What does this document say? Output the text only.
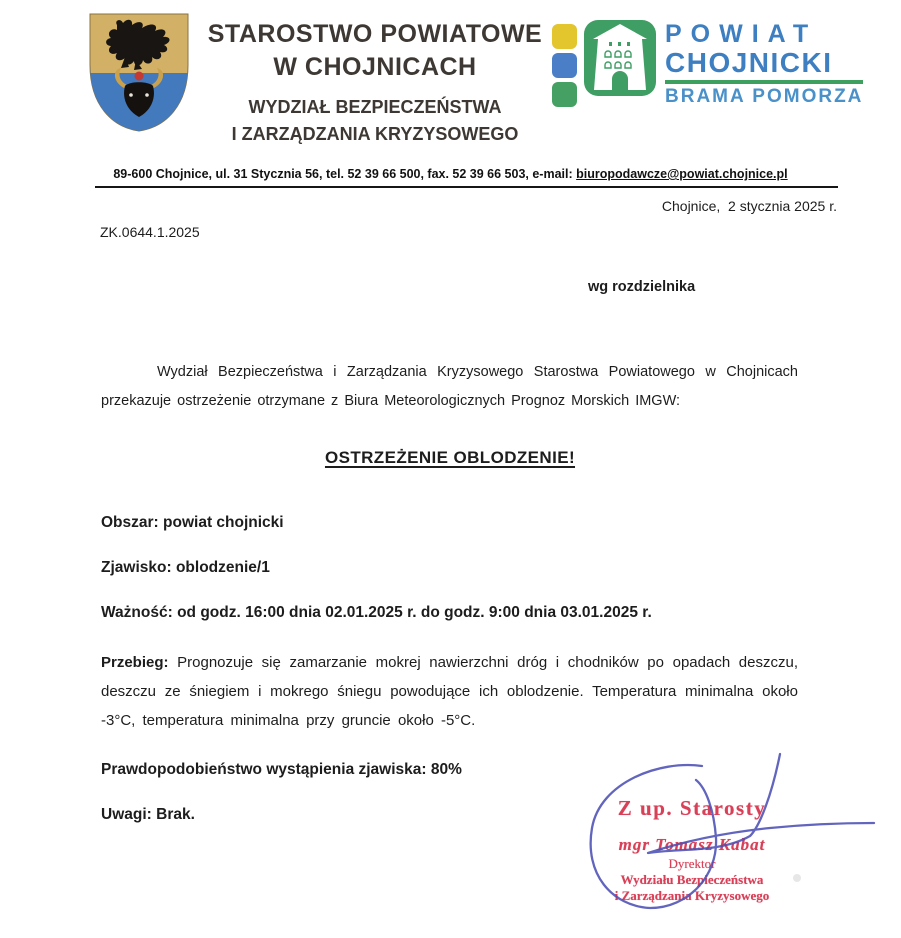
STAROSTWO POWIATOWE
W CHOJNICACH
WYDZIAŁ BEZPIECZEŃSTWA
I ZARZĄDZANIA KRYZYSOWEGO
POWIAT
CHOJNICKI
BRAMA POMORZA
89-600 Chojnice, ul. 31 Stycznia 56, tel. 52 39 66 500, fax. 52 39 66 503, e-mail: biuropodawcze@powiat.chojnice.pl
Chojnice,  2 stycznia 2025 r.
ZK.0644.1.2025
wg rozdzielnika
Wydział Bezpieczeństwa i Zarządzania Kryzysowego Starostwa Powiatowego w Chojnicach przekazuje ostrzeżenie otrzymane z Biura Meteorologicznych Prognoz Morskich IMGW:
OSTRZEŻENIE OBLODZENIE!
Obszar: powiat chojnicki
Zjawisko: oblodzenie/1
Ważność: od godz. 16:00 dnia 02.01.2025 r. do godz. 9:00 dnia 03.01.2025 r.
Przebieg: Prognozuje się zamarzanie mokrej nawierzchni dróg i chodników po opadach deszczu, deszczu ze śniegiem i mokrego śniegu powodujące ich oblodzenie. Temperatura minimalna około -3°C, temperatura minimalna przy gruncie około -5°C.
Prawdopodobieństwo wystąpienia zjawiska: 80%
Uwagi: Brak.	Z up. Starosty
mgr Tomasz Kabat
Dyrektor
Wydziału Bezpieczeństwa
i Zarządzania Kryzysowego
